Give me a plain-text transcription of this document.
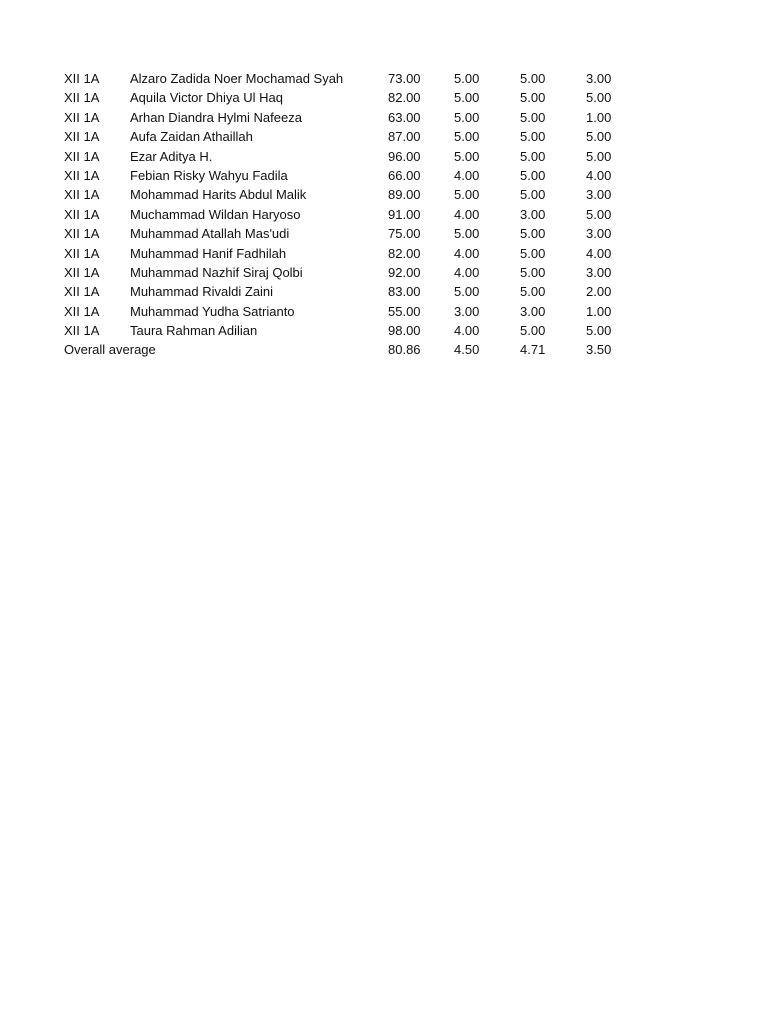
XII 1A Alzaro Zadida Noer Mochamad Syah	73.00	5.00	5.00	3.00
XII 1A Aquila Victor Dhiya Ul Haq	82.00	5.00	5.00	5.00
XII 1A Arhan Diandra Hylmi Nafeeza	63.00	5.00	5.00	1.00
XII 1A Aufa Zaidan Athaillah	87.00	5.00	5.00	5.00
XII 1A Ezar Aditya H.	96.00	5.00	5.00	5.00
XII 1A Febian Risky Wahyu Fadila	66.00	4.00	5.00	4.00
XII 1A Mohammad Harits Abdul Malik	89.00	5.00	5.00	3.00
XII 1A Muchammad Wildan Haryoso	91.00	4.00	3.00	5.00
XII 1A Muhammad Atallah Mas'udi	75.00	5.00	5.00	3.00
XII 1A Muhammad Hanif Fadhilah	82.00	4.00	5.00	4.00
XII 1A Muhammad Nazhif Siraj Qolbi	92.00	4.00	5.00	3.00
XII 1A Muhammad Rivaldi Zaini	83.00	5.00	5.00	2.00
XII 1A Muhammad Yudha Satrianto	55.00	3.00	3.00	1.00
XII 1A Taura Rahman Adilian	98.00	4.00	5.00	5.00
Overall average	80.86	4.50	4.71	3.50
